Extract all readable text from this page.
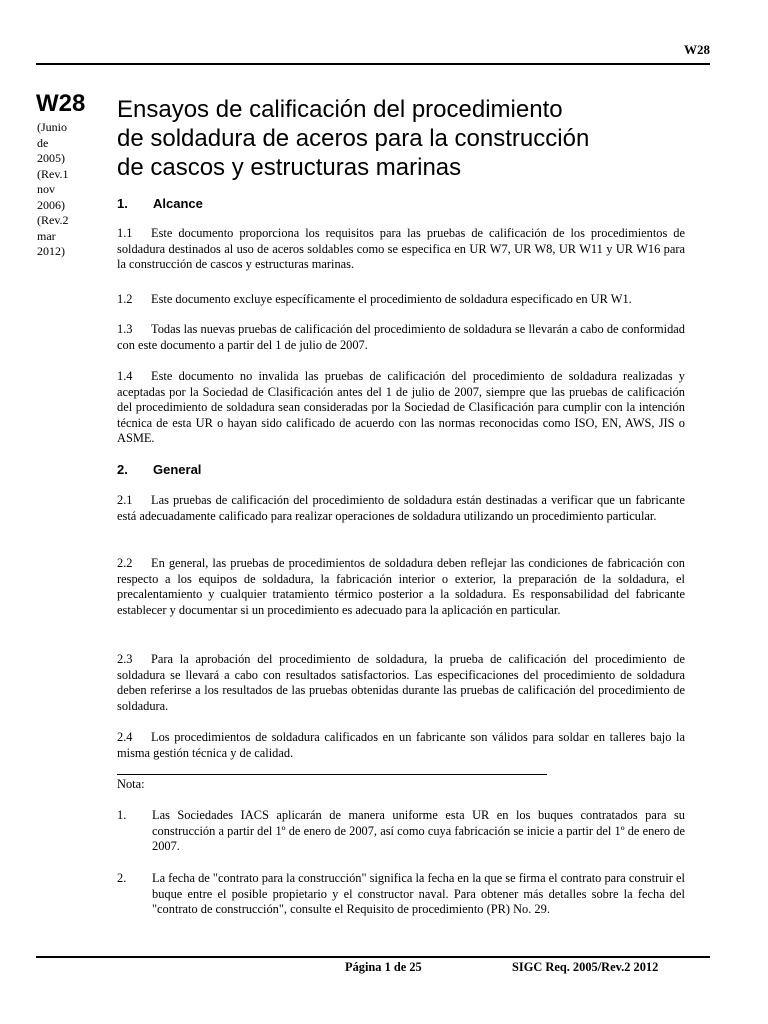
W28
W28
(Junio
de
2005)
(Rev.1
nov
2006)
(Rev.2
mar
2012)
Ensayos de calificación del procedimiento
de soldadura de aceros para la construcción
de cascos y estructuras marinas
1. Alcance
1.1 Este documento proporciona los requisitos para las pruebas de calificación de los procedimientos de soldadura destinados al uso de aceros soldables como se especifica en UR W7, UR W8, UR W11 y UR W16 para la construcción de cascos y estructuras marinas.
1.2 Este documento excluye específicamente el procedimiento de soldadura especificado en UR W1.
1.3 Todas las nuevas pruebas de calificación del procedimiento de soldadura se llevarán a cabo de conformidad con este documento a partir del 1 de julio de 2007.
1.4 Este documento no invalida las pruebas de calificación del procedimiento de soldadura realizadas y aceptadas por la Sociedad de Clasificación antes del 1 de julio de 2007, siempre que las pruebas de calificación del procedimiento de soldadura sean consideradas por la Sociedad de Clasificación para cumplir con la intención técnica de esta UR o hayan sido calificado de acuerdo con las normas reconocidas como ISO, EN, AWS, JIS o ASME.
2. General
2.1 Las pruebas de calificación del procedimiento de soldadura están destinadas a verificar que un fabricante está adecuadamente calificado para realizar operaciones de soldadura utilizando un procedimiento particular.
2.2 En general, las pruebas de procedimientos de soldadura deben reflejar las condiciones de fabricación con respecto a los equipos de soldadura, la fabricación interior o exterior, la preparación de la soldadura, el precalentamiento y cualquier tratamiento térmico posterior a la soldadura. Es responsabilidad del fabricante establecer y documentar si un procedimiento es adecuado para la aplicación en particular.
2.3 Para la aprobación del procedimiento de soldadura, la prueba de calificación del procedimiento de soldadura se llevará a cabo con resultados satisfactorios. Las especificaciones del procedimiento de soldadura deben referirse a los resultados de las pruebas obtenidas durante las pruebas de calificación del procedimiento de soldadura.
2.4 Los procedimientos de soldadura calificados en un fabricante son válidos para soldar en talleres bajo la misma gestión técnica y de calidad.
Nota:
1. Las Sociedades IACS aplicarán de manera uniforme esta UR en los buques contratados para su construcción a partir del 1º de enero de 2007, así como cuya fabricación se inicie a partir del 1º de enero de 2007.
2. La fecha de "contrato para la construcción" significa la fecha en la que se firma el contrato para construir el buque entre el posible propietario y el constructor naval. Para obtener más detalles sobre la fecha del "contrato de construcción", consulte el Requisito de procedimiento (PR) No. 29.
Página 1 de 25	SIGC Req. 2005/Rev.2 2012
